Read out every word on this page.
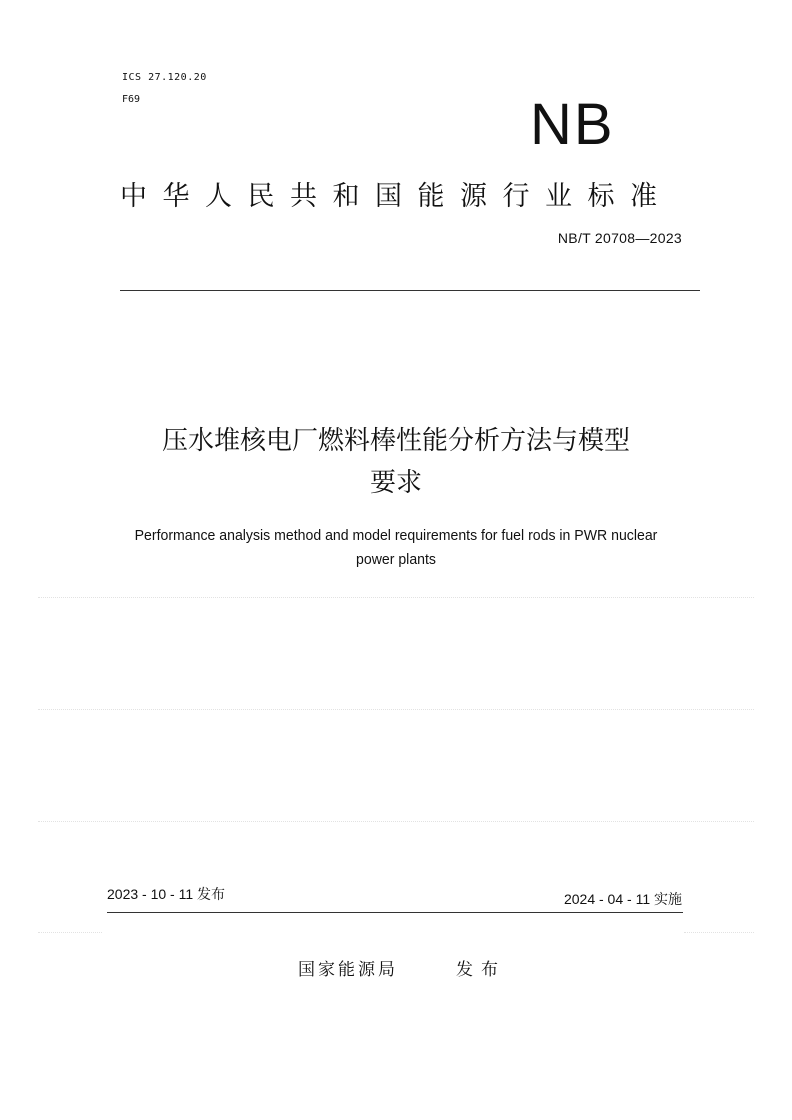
ICS 27.120.20
F69	NB
中华人民共和国能源行业标准
NB/T 20708—2023
压水堆核电厂燃料棒性能分析方法与模型
要求
Performance analysis method and model requirements for fuel rods in PWR nuclear
power plants
2023 - 10 - 11 发布	2024 - 04 - 11 实施
国家能源局	发布
